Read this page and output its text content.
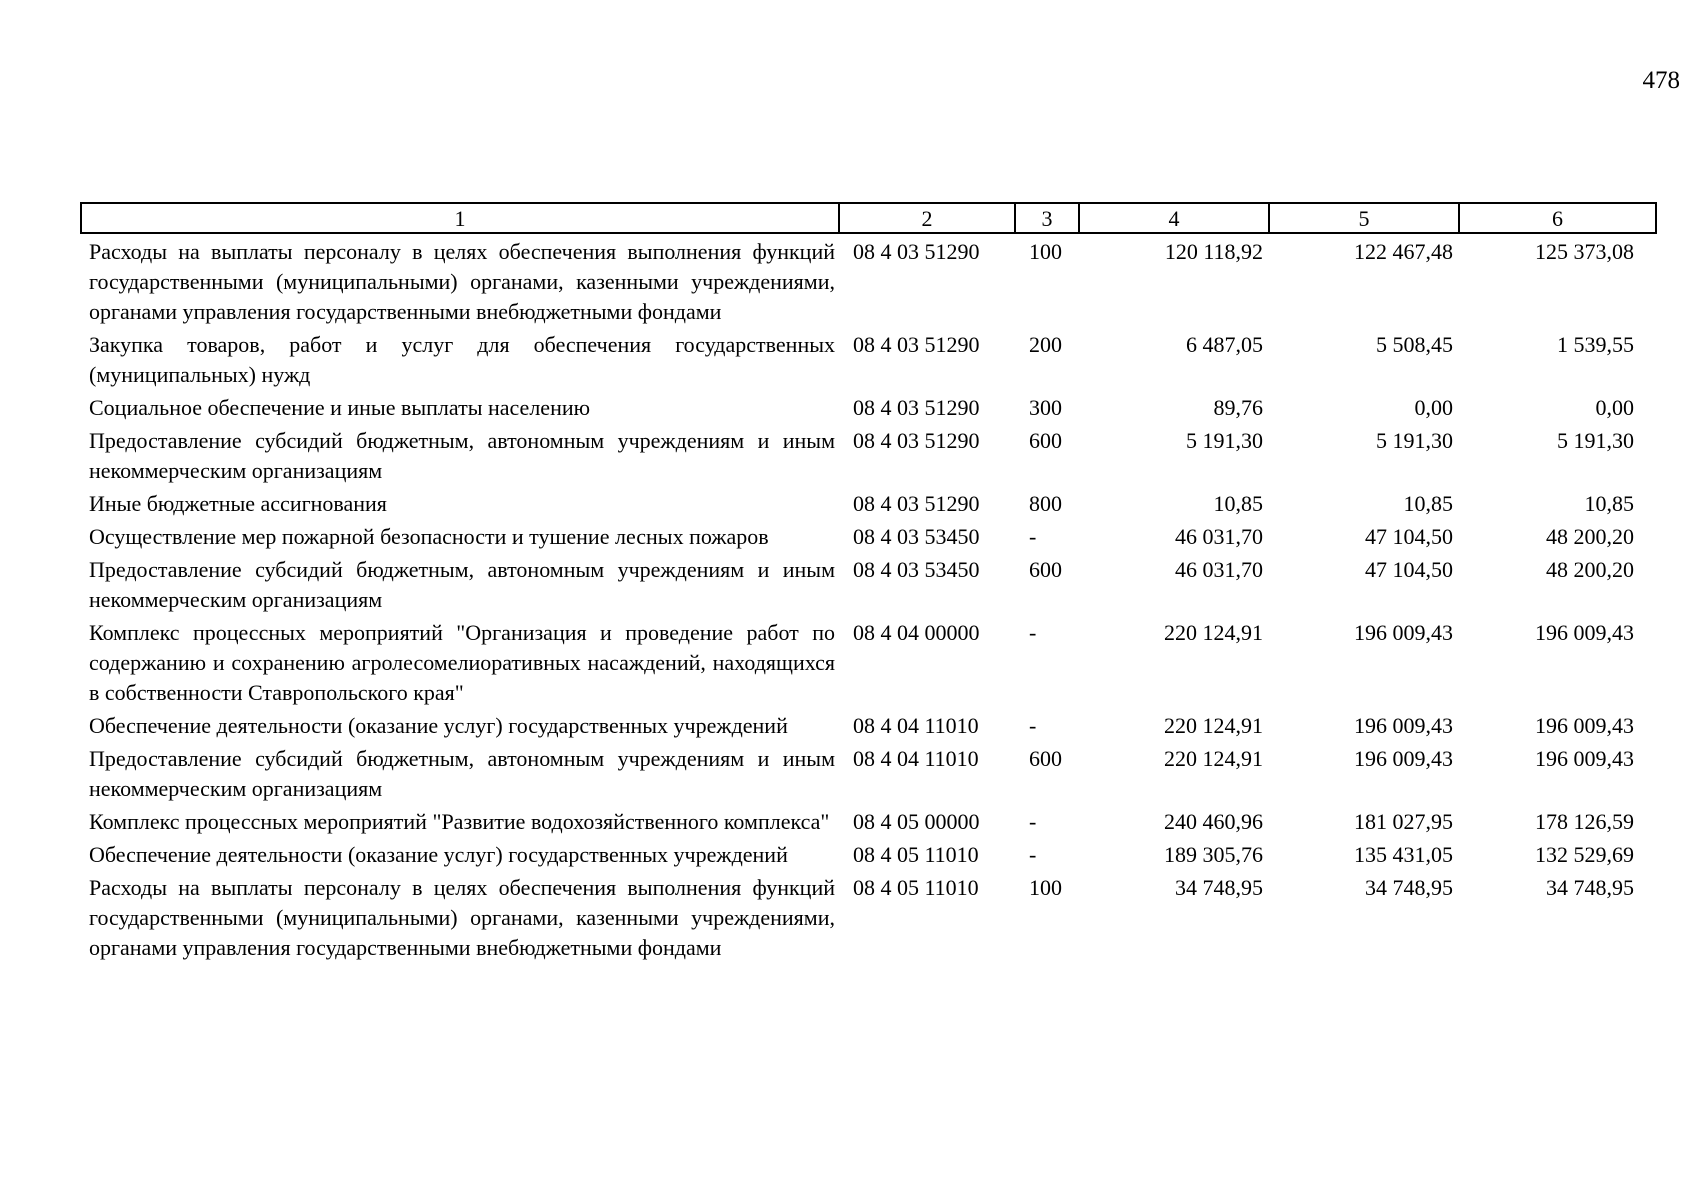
478
1	2	3	4	5	6
Расходы на выплаты персоналу в целях обеспечения выполнения функций государственными (муниципальными) органами, казенными учреждениями, органами управления государственными внебюджетными фондами	08 4 03 51290	100	120 118,92	122 467,48	125 373,08
Закупка товаров, работ и услуг для обеспечения государственных (муниципальных) нужд	08 4 03 51290	200	6 487,05	5 508,45	1 539,55
Социальное обеспечение и иные выплаты населению	08 4 03 51290	300	89,76	0,00	0,00
Предоставление субсидий бюджетным, автономным учреждениям и иным некоммерческим организациям	08 4 03 51290	600	5 191,30	5 191,30	5 191,30
Иные бюджетные ассигнования	08 4 03 51290	800	10,85	10,85	10,85
Осуществление мер пожарной безопасности и тушение лесных пожаров	08 4 03 53450	-	46 031,70	47 104,50	48 200,20
Предоставление субсидий бюджетным, автономным учреждениям и иным некоммерческим организациям	08 4 03 53450	600	46 031,70	47 104,50	48 200,20
Комплекс процессных мероприятий "Организация и проведение работ по содержанию и сохранению агролесомелиоративных насаждений, находящихся в собственности Ставропольского края"	08 4 04 00000	-	220 124,91	196 009,43	196 009,43
Обеспечение деятельности (оказание услуг) государственных учреждений	08 4 04 11010	-	220 124,91	196 009,43	196 009,43
Предоставление субсидий бюджетным, автономным учреждениям и иным некоммерческим организациям	08 4 04 11010	600	220 124,91	196 009,43	196 009,43
Комплекс процессных мероприятий "Развитие водохозяйственного комплекса"	08 4 05 00000	-	240 460,96	181 027,95	178 126,59
Обеспечение деятельности (оказание услуг) государственных учреждений	08 4 05 11010	-	189 305,76	135 431,05	132 529,69
Расходы на выплаты персоналу в целях обеспечения выполнения функций государственными (муниципальными) органами, казенными учреждениями, органами управления государственными внебюджетными фондами	08 4 05 11010	100	34 748,95	34 748,95	34 748,95
